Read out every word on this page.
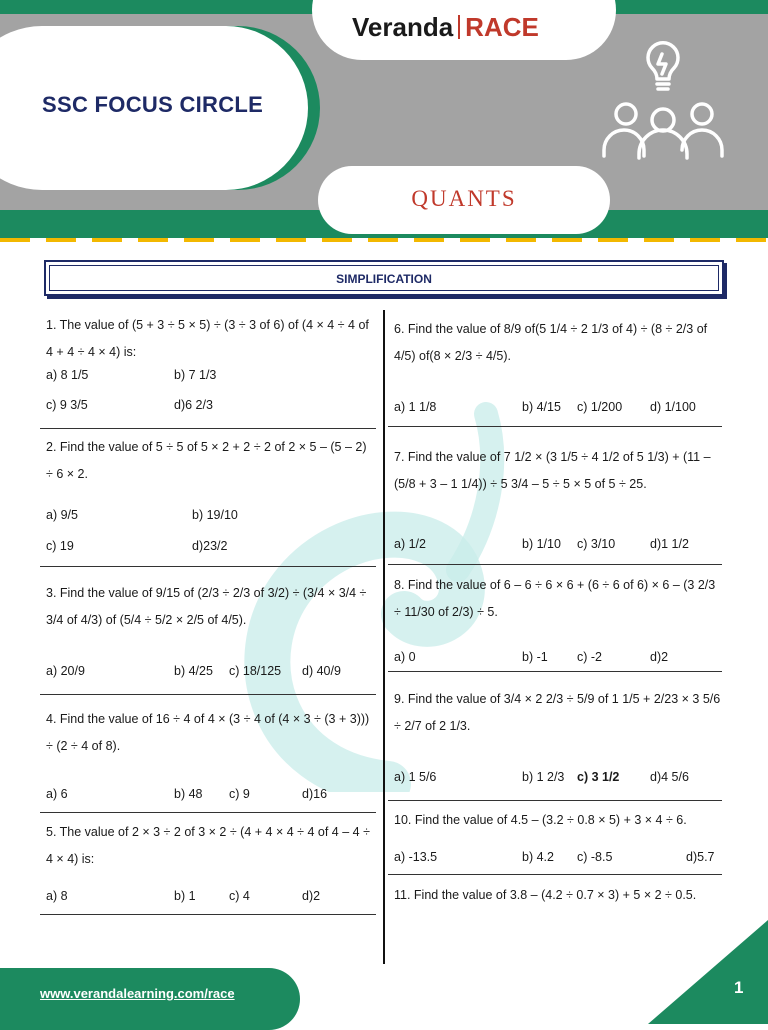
SSC FOCUS CIRCLE
Veranda RACE
QUANTS
SIMPLIFICATION
1. The value of (5 + 3 ÷ 5 × 5) ÷ (3 ÷ 3 of 6) of (4 × 4 ÷ 4 of 4 + 4 ÷ 4 × 4) is:
a) 8 1/5	b) 7 1/3
c) 9 3/5	d)6 2/3
2. Find the value of 5 ÷ 5 of 5 × 2 + 2 ÷ 2 of 2 × 5 – (5 – 2) ÷ 6 × 2.
a) 9/5	b) 19/10
c) 19	d)23/2
3. Find the value of 9/15 of (2/3 ÷ 2/3 of 3/2) ÷ (3/4 × 3/4 ÷ 3/4 of 4/3) of (5/4 ÷ 5/2 × 2/5 of 4/5).
a) 20/9	b) 4/25 c) 18/125 d) 40/9
4. Find the value of 16 ÷ 4 of 4 × (3 ÷ 4 of (4 × 3 ÷ (3 + 3))) ÷ (2 ÷ 4 of 8).
a) 6	b) 48 c) 9	d)16
5. The value of 2 × 3 ÷ 2 of 3 × 2 ÷ (4 + 4 × 4 ÷ 4 of 4 – 4 ÷ 4 × 4) is:
a) 8	b) 1	c) 4	d)2
6. Find the value of 8/9 of(5 1/4 ÷ 2 1/3 of 4) ÷ (8 ÷ 2/3 of 4/5) of(8 × 2/3 ÷ 4/5).
a) 1 1/8	b) 4/15 c) 1/200 d) 1/100
7. Find the value of 7 1/2 × (3 1/5 ÷ 4 1/2 of 5 1/3) + (11 – (5/8 + 3 – 1 1/4)) ÷ 5 3/4 – 5 ÷ 5 × 5 of 5 ÷ 25.
a) 1/2	b) 1/10 c) 3/10	d)1 1/2
8. Find the value of 6 – 6 ÷ 6 × 6 + (6 ÷ 6 of 6) × 6 – (3 2/3 ÷ 11/30 of 2/3) ÷ 5.
a) 0	b) -1 c) -2	d)2
9. Find the value of 3/4 × 2 2/3 ÷ 5/9 of 1 1/5 + 2/23 × 3 5/6 ÷ 2/7 of 2 1/3.
a) 1 5/6	b) 1 2/3 c) 3 1/2 d)4 5/6
10. Find the value of 4.5 – (3.2 ÷ 0.8 × 5) + 3 × 4 ÷ 6.
a) -13.5	b) 4.2 c) -8.5	d)5.7
11. Find the value of 3.8 – (4.2 ÷ 0.7 × 3) + 5 × 2 ÷ 0.5.
www.verandalearning.com/race	1
